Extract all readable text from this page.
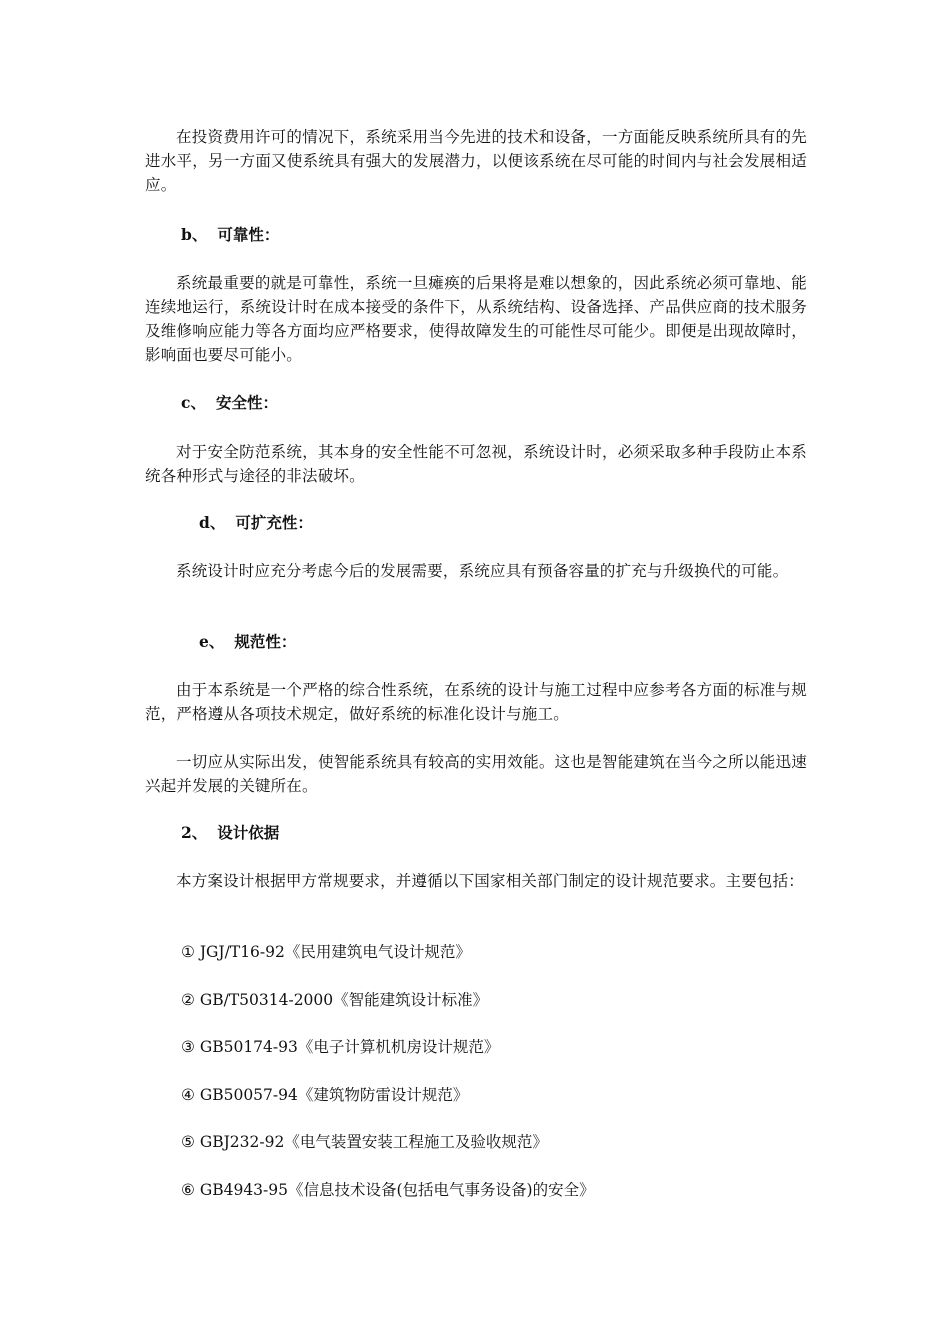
在投资费用许可的情况下，系统采用当今先进的技术和设备，一方面能反映系统所具有的先进水平，另一方面又使系统具有强大的发展潜力，以便该系统在尽可能的时间内与社会发展相适应。

b、 可靠性：

系统最重要的就是可靠性，系统一旦瘫痪的后果将是难以想象的，因此系统必须可靠地、能连续地运行，系统设计时在成本接受的条件下，从系统结构、设备选择、产品供应商的技术服务及维修响应能力等各方面均应严格要求，使得故障发生的可能性尽可能少。即便是出现故障时，影响面也要尽可能小。

c、 安全性：

对于安全防范系统，其本身的安全性能不可忽视，系统设计时，必须采取多种手段防止本系统各种形式与途径的非法破坏。

d、 可扩充性：

系统设计时应充分考虑今后的发展需要，系统应具有预备容量的扩充与升级换代的可能。

e、 规范性：

由于本系统是一个严格的综合性系统，在系统的设计与施工过程中应参考各方面的标准与规范，严格遵从各项技术规定，做好系统的标准化设计与施工。

一切应从实际出发，使智能系统具有较高的实用效能。这也是智能建筑在当今之所以能迅速兴起并发展的关键所在。

2、 设计依据

本方案设计根据甲方常规要求，并遵循以下国家相关部门制定的设计规范要求。主要包括：

① JGJ/T16-92《民用建筑电气设计规范》

② GB/T50314-2000《智能建筑设计标准》

③ GB50174-93《电子计算机机房设计规范》

④ GB50057-94《建筑物防雷设计规范》

⑤ GBJ232-92《电气装置安装工程施工及验收规范》

⑥ GB4943-95《信息技术设备(包括电气事务设备)的安全》
